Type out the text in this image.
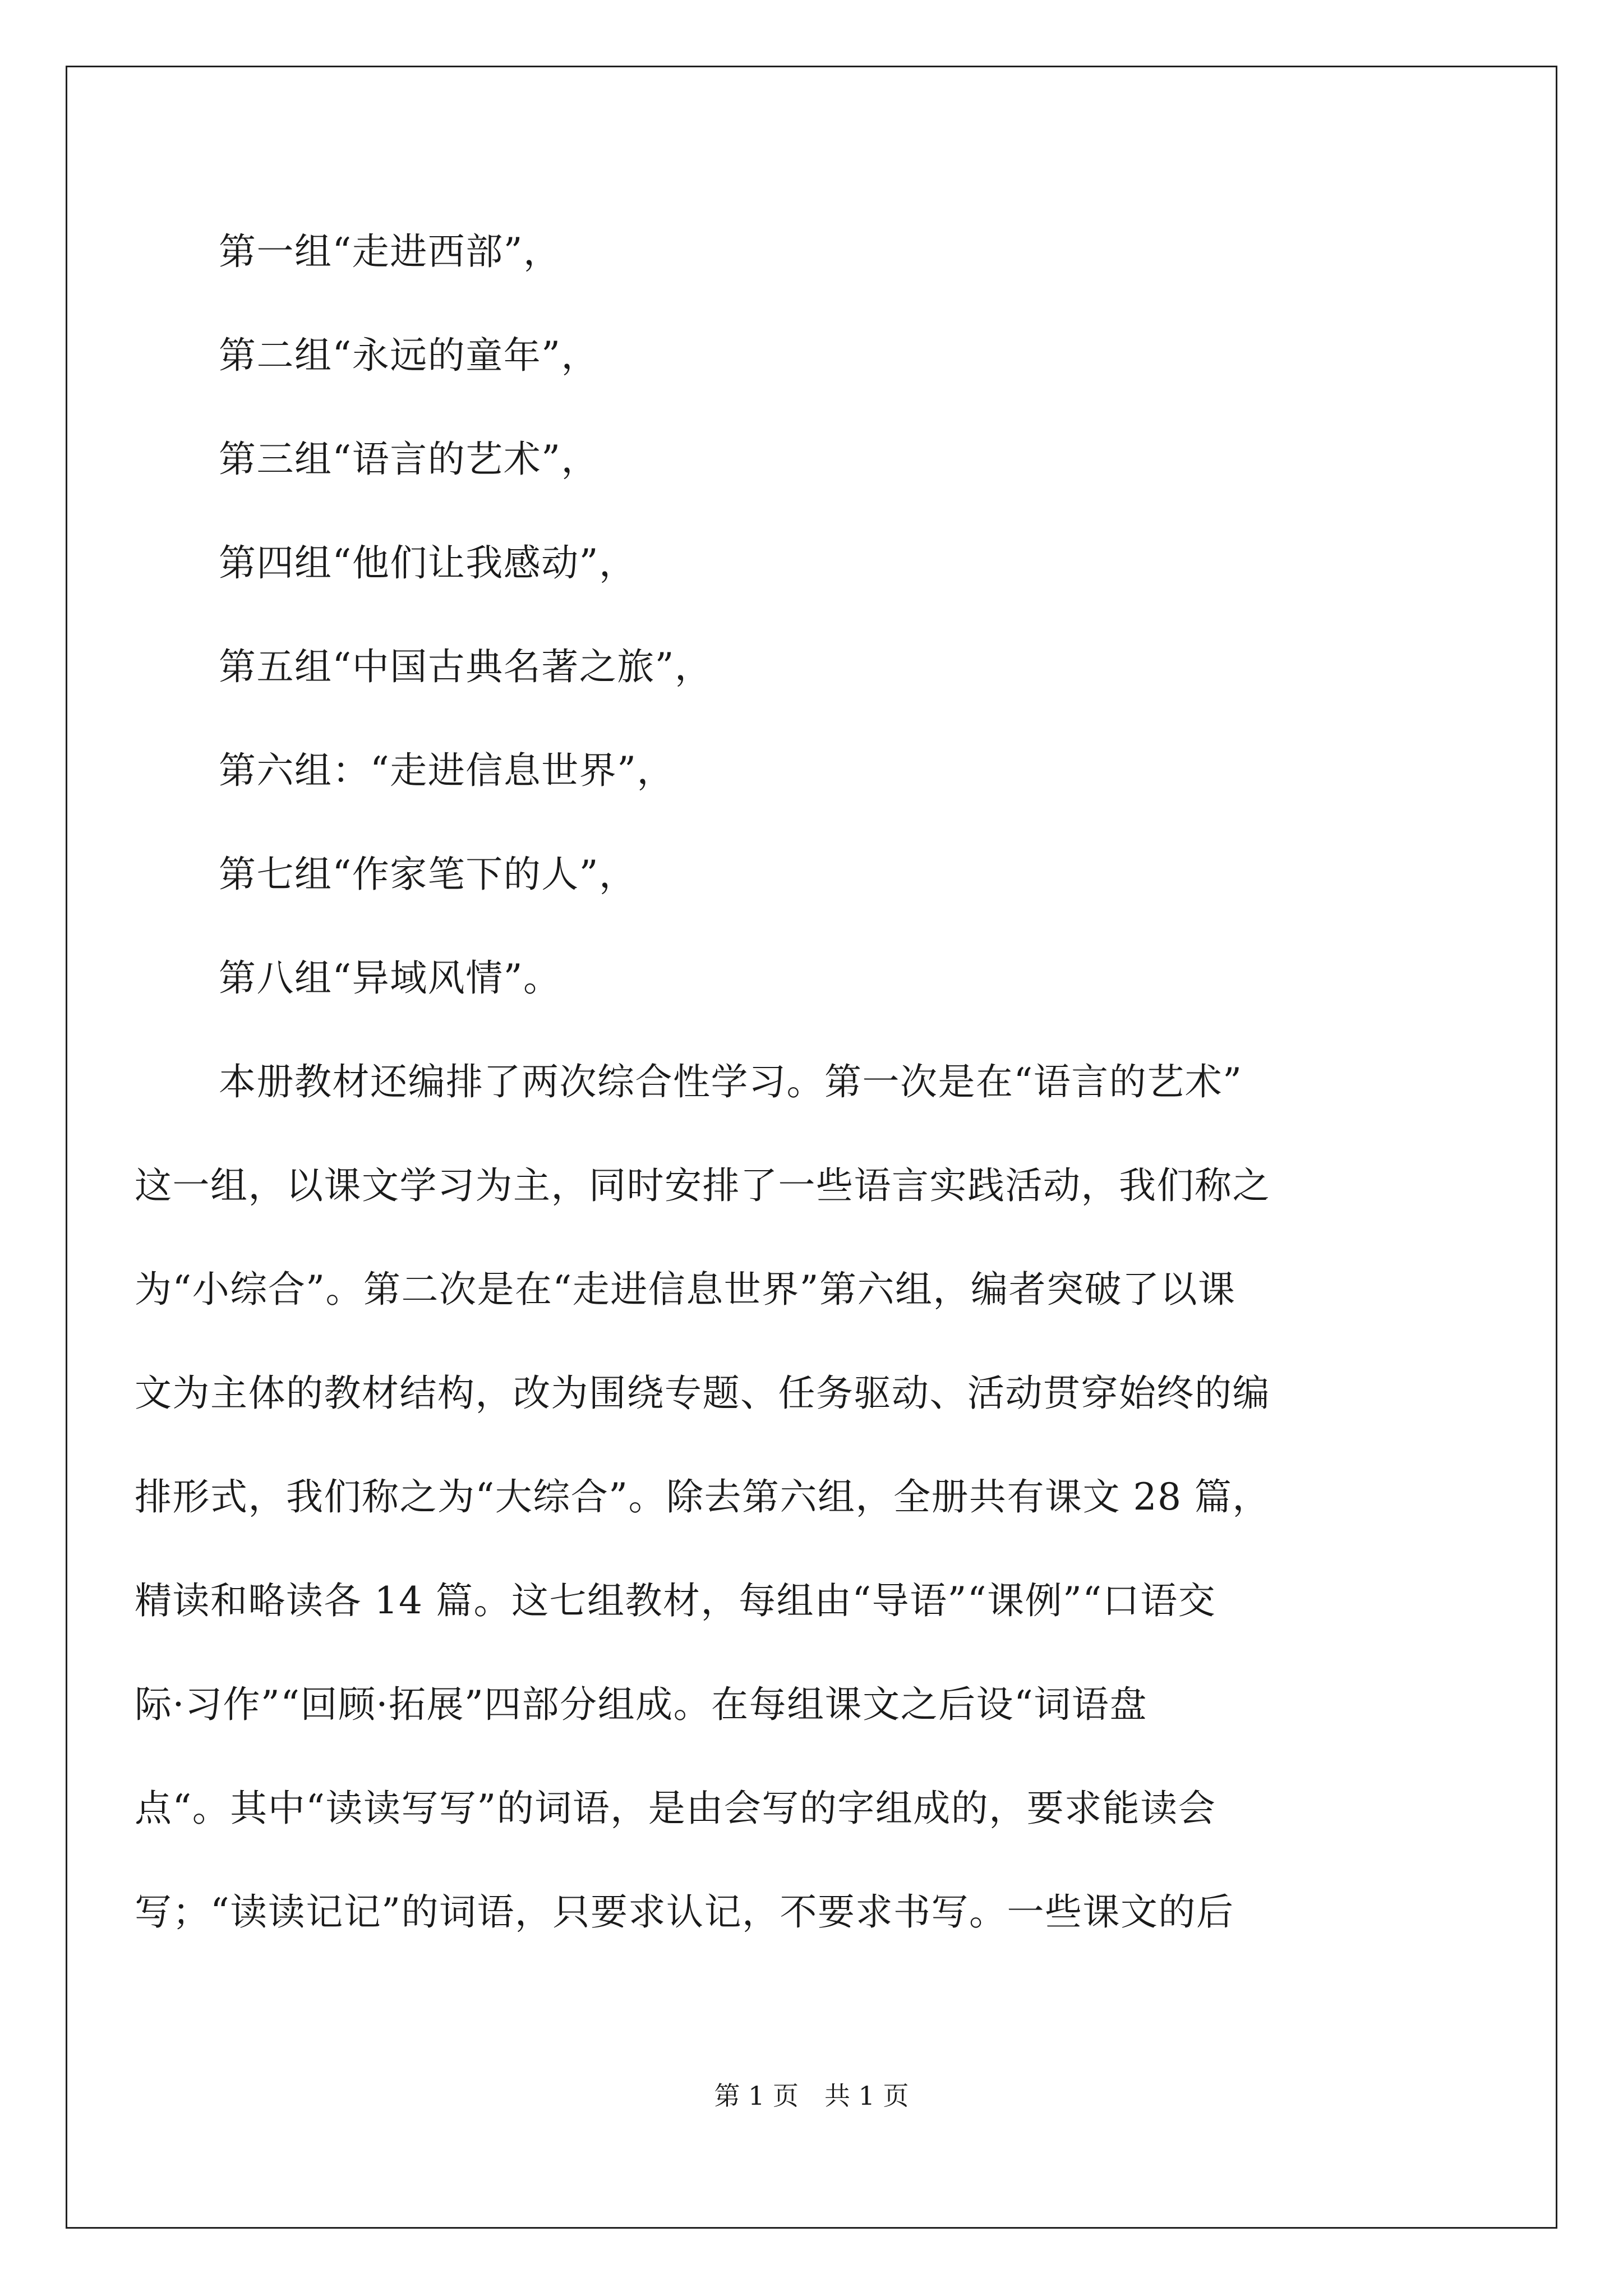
第一组“走进西部”，
第二组“永远的童年”，
第三组“语言的艺术”，
第四组“他们让我感动”，
第五组“中国古典名著之旅”，
第六组：“走进信息世界”，
第七组“作家笔下的人”，
第八组“异域风情”。
本册教材还编排了两次综合性学习。第一次是在“语言的艺术”
这一组，以课文学习为主，同时安排了一些语言实践活动，我们称之
为“小综合”。第二次是在“走进信息世界”第六组，编者突破了以课
文为主体的教材结构，改为围绕专题、任务驱动、活动贯穿始终的编
排形式，我们称之为“大综合”。除去第六组，全册共有课文 28 篇，
精读和略读各 14 篇。这七组教材，每组由“导语”“课例”“口语交
际·习作”“回顾·拓展”四部分组成。在每组课文之后设“词语盘
点“。其中“读读写写”的词语，是由会写的字组成的，要求能读会
写；“读读记记”的词语，只要求认记，不要求书写。一些课文的后
第 1 页　共 1 页
